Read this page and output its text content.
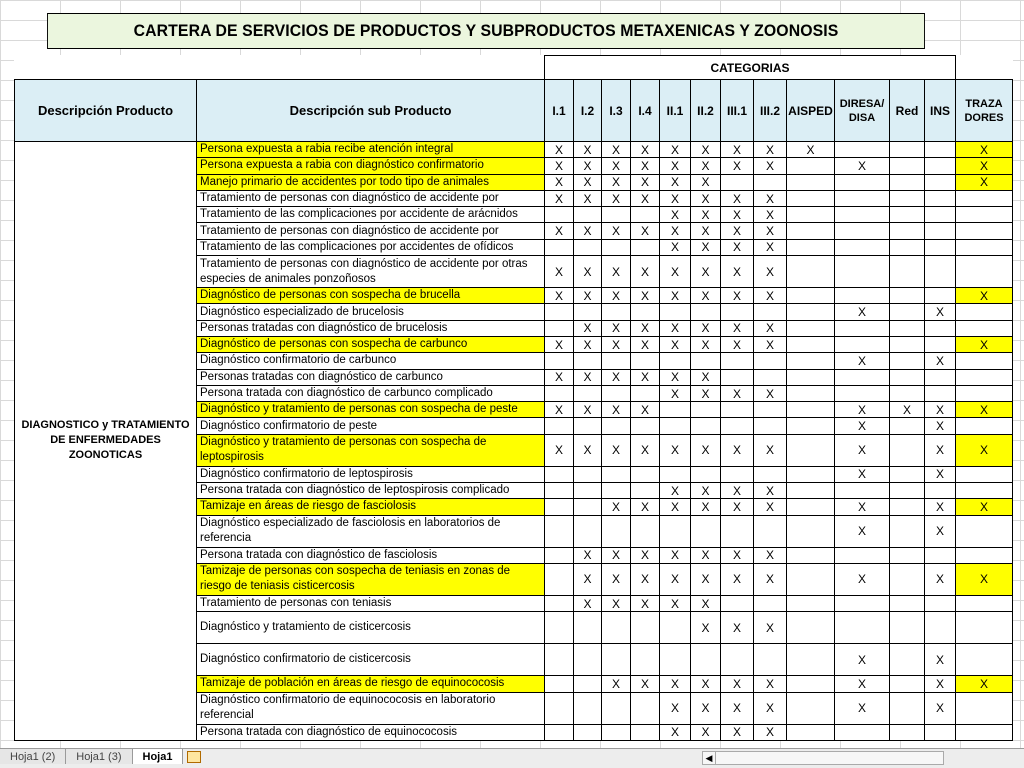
CARTERA DE SERVICIOS DE PRODUCTOS Y SUBPRODUCTOS METAXENICAS Y ZOONOSIS
		CATEGORIAS												
Descripción Producto	Descripción sub Producto	I.1	I.2	I.3	I.4	II.1	II.2	III.1	III.2	AISPED	DIRESA/ DISA	Red	INS	TRAZA DORES
DIAGNOSTICO y TRATAMIENTO DE ENFERMEDADES ZOONOTICAS	Persona expuesta a rabia recibe atención integral	X	X	X	X	X	X	X	X	X				X
	Persona expuesta a rabia con diagnóstico confirmatorio	X	X	X	X	X	X	X	X		X			X
	Manejo primario de accidentes por todo tipo de animales	X	X	X	X	X	X							X
	Tratamiento de personas con diagnóstico de accidente por	X	X	X	X	X	X	X	X					
	Tratamiento de las complicaciones por accidente de arácnidos					X	X	X	X					
	Tratamiento de personas con diagnóstico de accidente por	X	X	X	X	X	X	X	X					
	Tratamiento de las complicaciones por accidentes de ofídicos					X	X	X	X					
	Tratamiento de personas con diagnóstico de accidente por otras especies de animales ponzoñosos	X	X	X	X	X	X	X	X					
	Diagnóstico de personas con sospecha de brucella	X	X	X	X	X	X	X	X					X
	Diagnóstico especializado de brucelosis										X		X	
	Personas tratadas con diagnóstico de brucelosis		X	X	X	X	X	X	X					
	Diagnóstico de personas con sospecha de carbunco	X	X	X	X	X	X	X	X					X
	Diagnóstico confirmatorio de carbunco										X		X	
	Personas tratadas con diagnóstico de carbunco	X	X	X	X	X	X							
	Persona tratada con diagnóstico de carbunco complicado					X	X	X	X					
	Diagnóstico y tratamiento de personas con sospecha de peste	X	X	X	X						X	X	X	X
	Diagnóstico confirmatorio de peste										X		X	
	Diagnóstico y tratamiento de personas con sospecha de leptospirosis	X	X	X	X	X	X	X	X		X		X	X
	Diagnóstico confirmatorio de leptospirosis										X		X	
	Persona tratada con diagnóstico de leptospirosis complicado					X	X	X	X					
	Tamizaje en áreas de riesgo de fasciolosis			X	X	X	X	X	X		X		X	X
	Diagnóstico especializado de fasciolosis en laboratorios de referencia										X		X	
	Persona tratada con diagnóstico de fasciolosis		X	X	X	X	X	X	X					
	Tamizaje de personas con sospecha de teniasis en zonas de riesgo de teniasis cisticercosis		X	X	X	X	X	X	X		X		X	X
	Tratamiento de personas con teniasis		X	X	X	X	X							
	Diagnóstico y tratamiento de cisticercosis						X	X	X					
	Diagnóstico confirmatorio de cisticercosis										X		X	
	Tamizaje de población en áreas de riesgo de equinococosis			X	X	X	X	X	X		X		X	X
	Diagnóstico confirmatorio de equinococosis en laboratorio referencial					X	X	X	X		X		X	
	Persona tratada con diagnóstico de equinococosis					X	X	X	X					
Hoja1 (2)	Hoja1 (3)	Hoja1	◀
